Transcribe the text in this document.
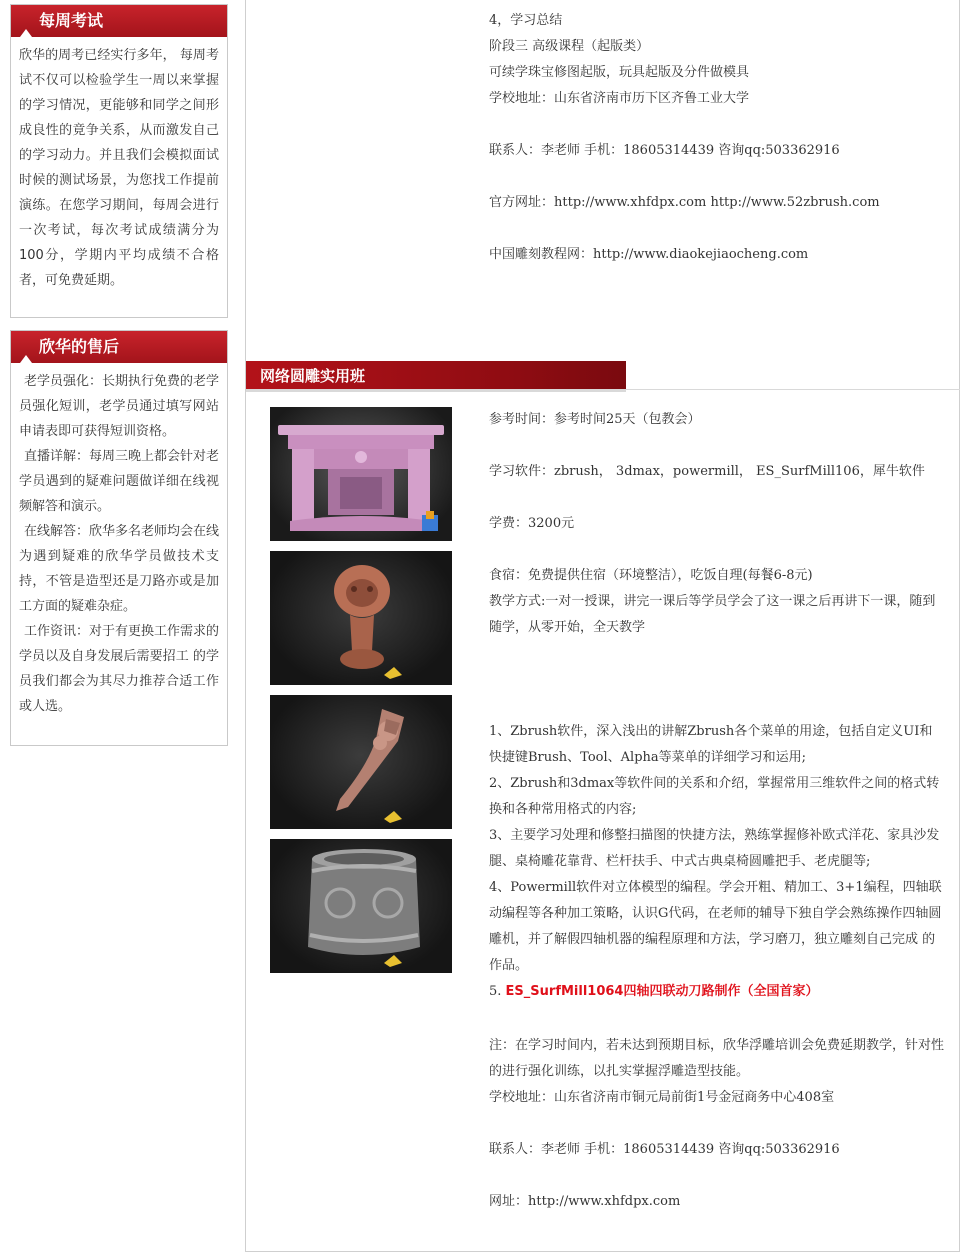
每周考试

欣华的周考已经实行多年， 每周考试不仅可以检验学生一周以来掌握的学习情况，更能够和同学之间形成良性的竟争关系，从而激发自己的学习动力。并且我们会模拟面试时候的测试场景，为您找工作提前演练。在您学习期间，每周会进行一次考试，每次考试成绩满分为100分，学期内平均成绩不合格者，可免费延期。

欣华的售后

老学员强化：长期执行免费的老学员强化短训，老学员通过填写网站申请表即可获得短训资格。

直播详解：每周三晚上都会针对老学员遇到的疑难问题做详细在线视频解答和演示。

在线解答：欣华多名老师均会在线为遇到疑难的欣华学员做技术支持，不管是造型还是刀路亦或是加工方面的疑难杂症。

工作资讯：对于有更换工作需求的学员以及自身发展后需要招工 的学员我们都会为其尽力推荐合适工作或人选。

4，学习总结
阶段三 高级课程（起版类）
可续学珠宝修图起版，玩具起版及分件做模具
学校地址：山东省济南市历下区齐鲁工业大学
联系人：李老师 手机：18605314439 咨询qq:503362916
官方网址：http://www.xhfdpx.com http://www.52zbrush.com
中国雕刻教程网：http://www.diaokejiaocheng.com
网络圆雕实用班
参考时间：参考时间25天（包教会）
学习软件：zbrush， 3dmax，powermill， ES_SurfMill106，犀牛软件
学费：3200元
食宿：免费提供住宿（环境整洁），吃饭自理(每餐6-8元)
教学方式:一对一授课，讲完一课后等学员学会了这一课之后再讲下一课，随到随学，从零开始，全天教学
1、Zbrush软件，深入浅出的讲解Zbrush各个菜单的用途，包括自定义UI和快捷键Brush、Tool、Alpha等菜单的详细学习和运用;
2、Zbrush和3dmax等软件间的关系和介绍，掌握常用三维软件之间的格式转换和各种常用格式的内容;
3、主要学习处理和修整扫描图的快捷方法，熟练掌握修补欧式洋花、家具沙发腿、桌椅雕花靠背、栏杆扶手、中式古典桌椅圆雕把手、老虎腿等;
4、Powermill软件对立体模型的编程。学会开粗、精加工、3+1编程，四轴联动编程等各种加工策略，认识G代码，在老师的辅导下独自学会熟练操作四轴圆雕机，并了解假四轴机器的编程原理和方法，学习磨刀，独立雕刻自己完成 的作品。
5. ES_SurfMill1064四轴四联动刀路制作（全国首家）
注：在学习时间内，若未达到预期目标，欣华浮雕培训会免费延期教学，针对性的进行强化训练，以扎实掌握浮雕造型技能。
学校地址：山东省济南市铜元局前街1号金冠商务中心408室
联系人：李老师 手机：18605314439 咨询qq:503362916
网址：http://www.xhfdpx.com
